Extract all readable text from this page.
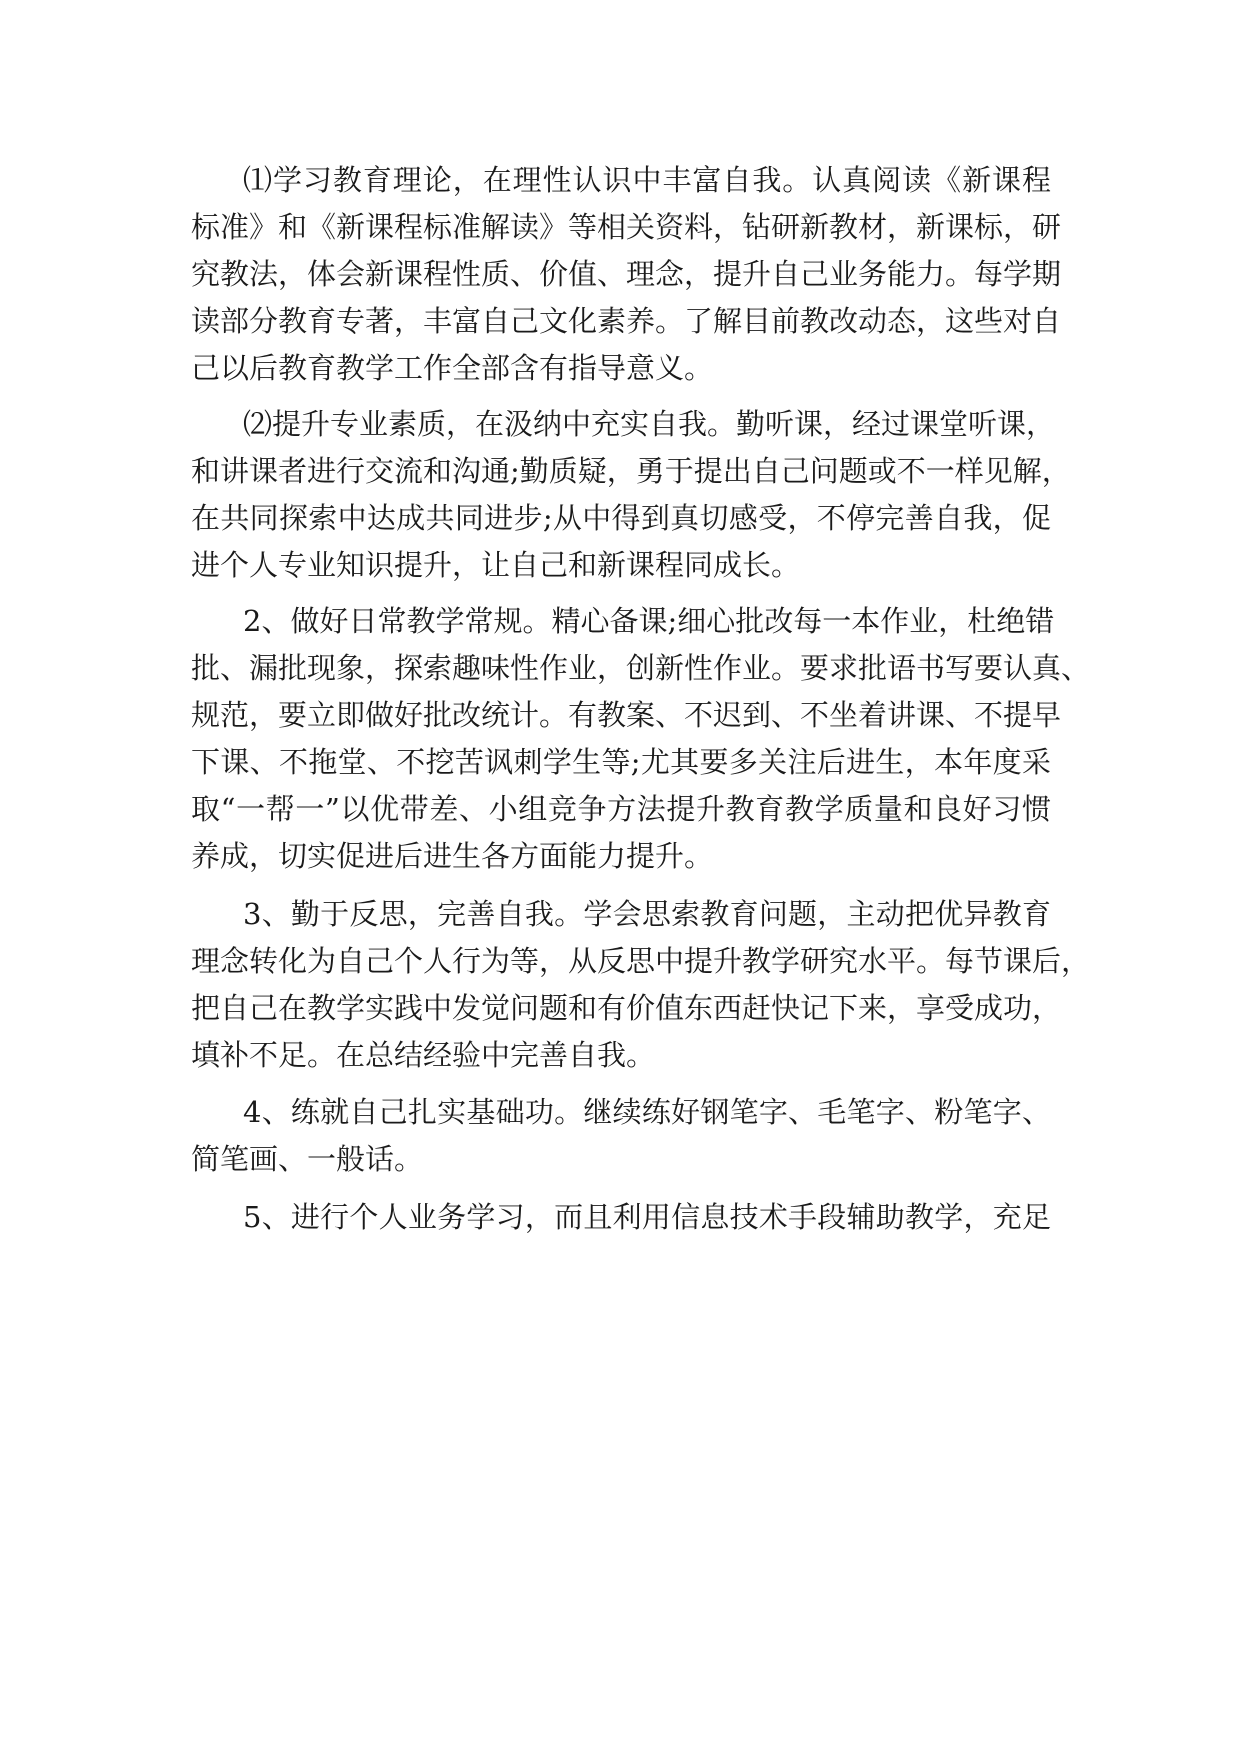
⑴学习教育理论，在理性认识中丰富自我。认真阅读《新课程
标准》和《新课程标准解读》等相关资料，钻研新教材，新课标，研
究教法，体会新课程性质、价值、理念，提升自己业务能力。每学期
读部分教育专著，丰富自己文化素养。了解目前教改动态，这些对自
己以后教育教学工作全部含有指导意义。
⑵提升专业素质，在汲纳中充实自我。勤听课，经过课堂听课，
和讲课者进行交流和沟通;勤质疑，勇于提出自己问题或不一样见解，
在共同探索中达成共同进步;从中得到真切感受，不停完善自我，促
进个人专业知识提升，让自己和新课程同成长。
2、做好日常教学常规。精心备课;细心批改每一本作业，杜绝错
批、漏批现象，探索趣味性作业，创新性作业。要求批语书写要认真、
规范，要立即做好批改统计。有教案、不迟到、不坐着讲课、不提早
下课、不拖堂、不挖苦讽刺学生等;尤其要多关注后进生，本年度采
取“一帮一”以优带差、小组竞争方法提升教育教学质量和良好习惯
养成，切实促进后进生各方面能力提升。
3、勤于反思，完善自我。学会思索教育问题，主动把优异教育
理念转化为自己个人行为等，从反思中提升教学研究水平。每节课后，
把自己在教学实践中发觉问题和有价值东西赶快记下来，享受成功，
填补不足。在总结经验中完善自我。
4、练就自己扎实基础功。继续练好钢笔字、毛笔字、粉笔字、
简笔画、一般话。
5、进行个人业务学习，而且利用信息技术手段辅助教学，充足
